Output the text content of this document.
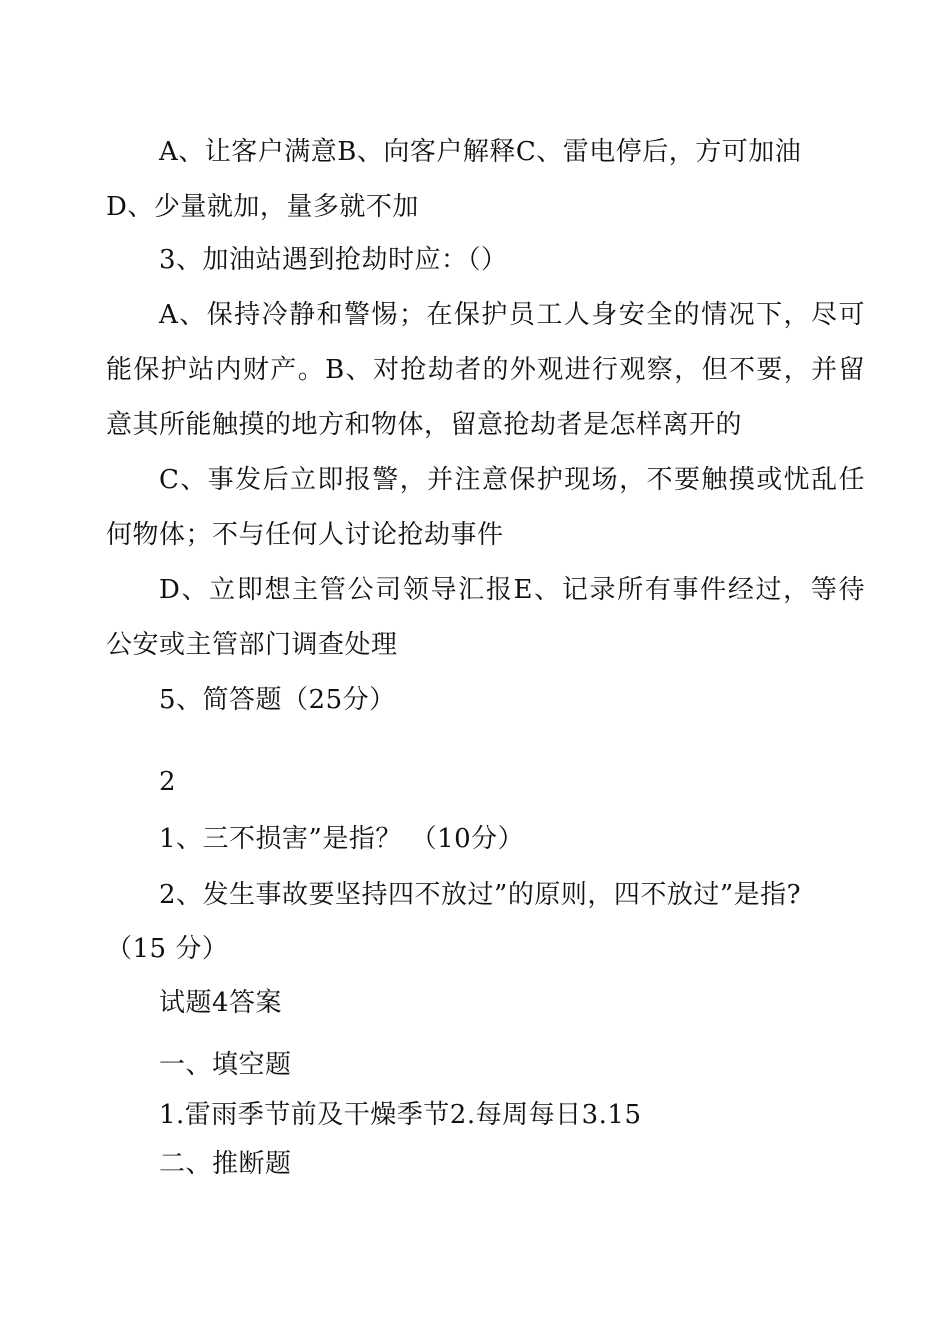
A、让客户满意B、向客户解释C、雷电停后，方可加油
D、少量就加，量多就不加
3、加油站遇到抢劫时应：（）
A、保持冷静和警惕；在保护员工人身安全的情况下，尽可
能保护站内财产。B、对抢劫者的外观进行观察，但不要，并留
意其所能触摸的地方和物体，留意抢劫者是怎样离开的
C、事发后立即报警，并注意保护现场，不要触摸或忧乱任
何物体；不与任何人讨论抢劫事件
D、立即想主管公司领导汇报E、记录所有事件经过，等待
公安或主管部门调查处理
5、简答题（25分）
2
1、三不损害”是指？ （10分）
2、发生事故要坚持四不放过”的原则，四不放过”是指?
（15 分）
试题4答案
一、填空题
1.雷雨季节前及干燥季节2.每周每日3.15
二、推断题
